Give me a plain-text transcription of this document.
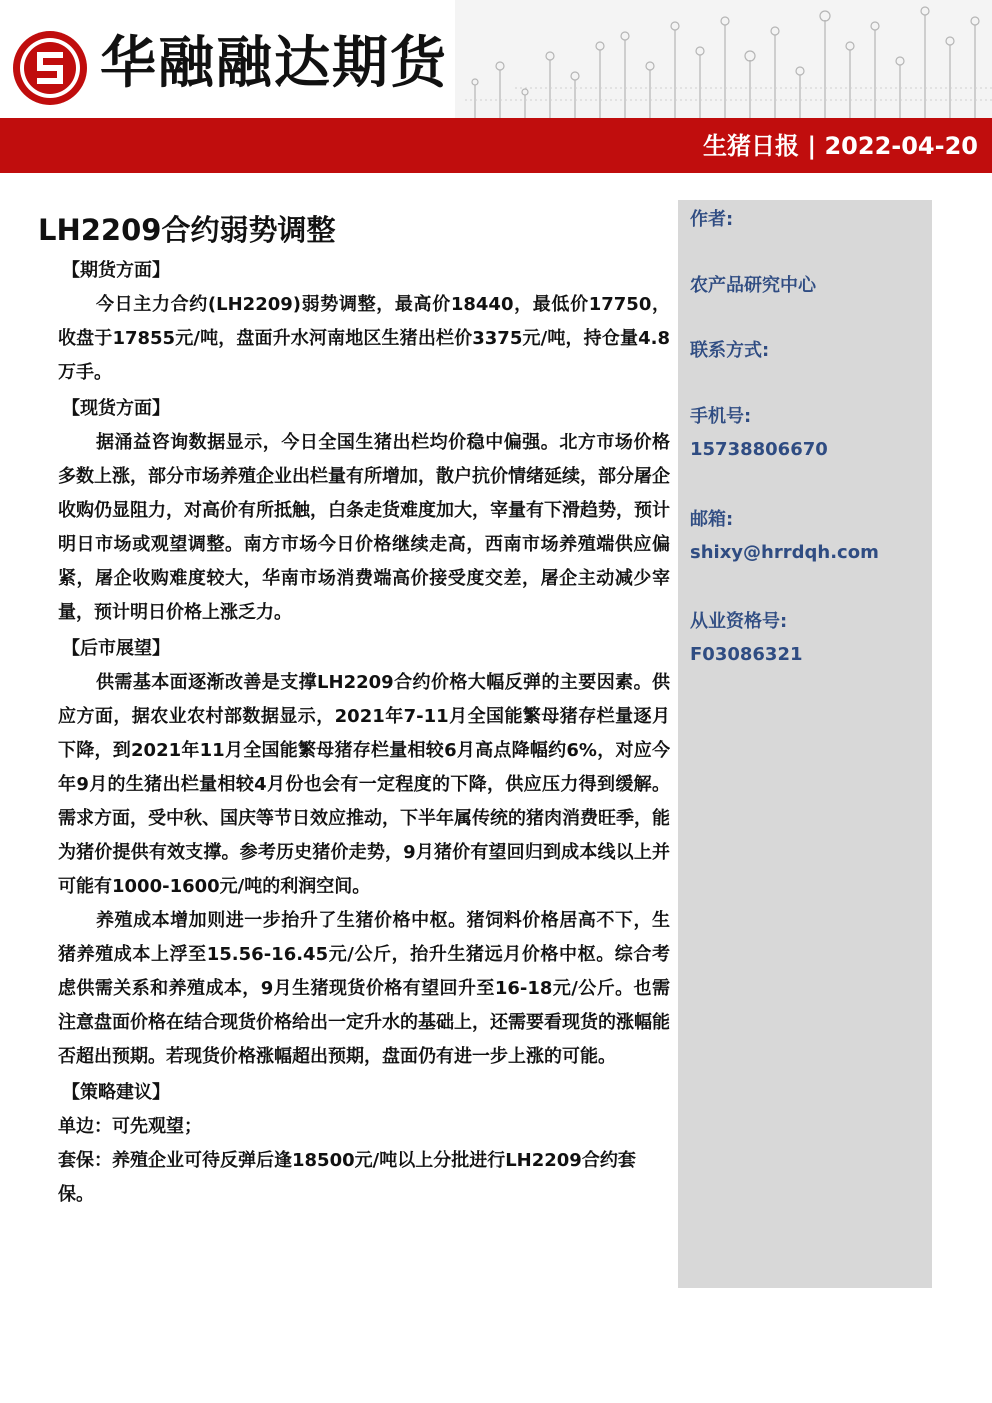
华融融达期货
生猪日报 | 2022-04-20
LH2209合约弱势调整
【期货方面】

今日主力合约(LH2209)弱势调整，最高价18440，最低价17750，收盘于17855元/吨，盘面升水河南地区生猪出栏价3375元/吨，持仓量4.8万手。

【现货方面】

据涌益咨询数据显示，今日全国生猪出栏均价稳中偏强。北方市场价格多数上涨，部分市场养殖企业出栏量有所增加，散户抗价情绪延续，部分屠企收购仍显阻力，对高价有所抵触，白条走货难度加大，宰量有下滑趋势，预计明日市场或观望调整。南方市场今日价格继续走高，西南市场养殖端供应偏紧，屠企收购难度较大，华南市场消费端高价接受度交差，屠企主动减少宰量，预计明日价格上涨乏力。

【后市展望】

供需基本面逐渐改善是支撑LH2209合约价格大幅反弹的主要因素。供应方面，据农业农村部数据显示，2021年7-11月全国能繁母猪存栏量逐月下降，到2021年11月全国能繁母猪存栏量相较6月高点降幅约6%，对应今年9月的生猪出栏量相较4月份也会有一定程度的下降，供应压力得到缓解。需求方面，受中秋、国庆等节日效应推动，下半年属传统的猪肉消费旺季，能为猪价提供有效支撑。参考历史猪价走势，9月猪价有望回归到成本线以上并可能有1000-1600元/吨的利润空间。

养殖成本增加则进一步抬升了生猪价格中枢。猪饲料价格居高不下，生猪养殖成本上浮至15.56-16.45元/公斤，抬升生猪远月价格中枢。综合考虑供需关系和养殖成本，9月生猪现货价格有望回升至16-18元/公斤。也需注意盘面价格在结合现货价格给出一定升水的基础上，还需要看现货的涨幅能否超出预期。若现货价格涨幅超出预期，盘面仍有进一步上涨的可能。

【策略建议】

单边：可先观望；

套保：养殖企业可待反弹后逢18500元/吨以上分批进行LH2209合约套保。

作者:
农产品研究中心
联系方式:
手机号:
15738806670
邮箱:
shixy@hrrdqh.com
从业资格号:
F03086321
